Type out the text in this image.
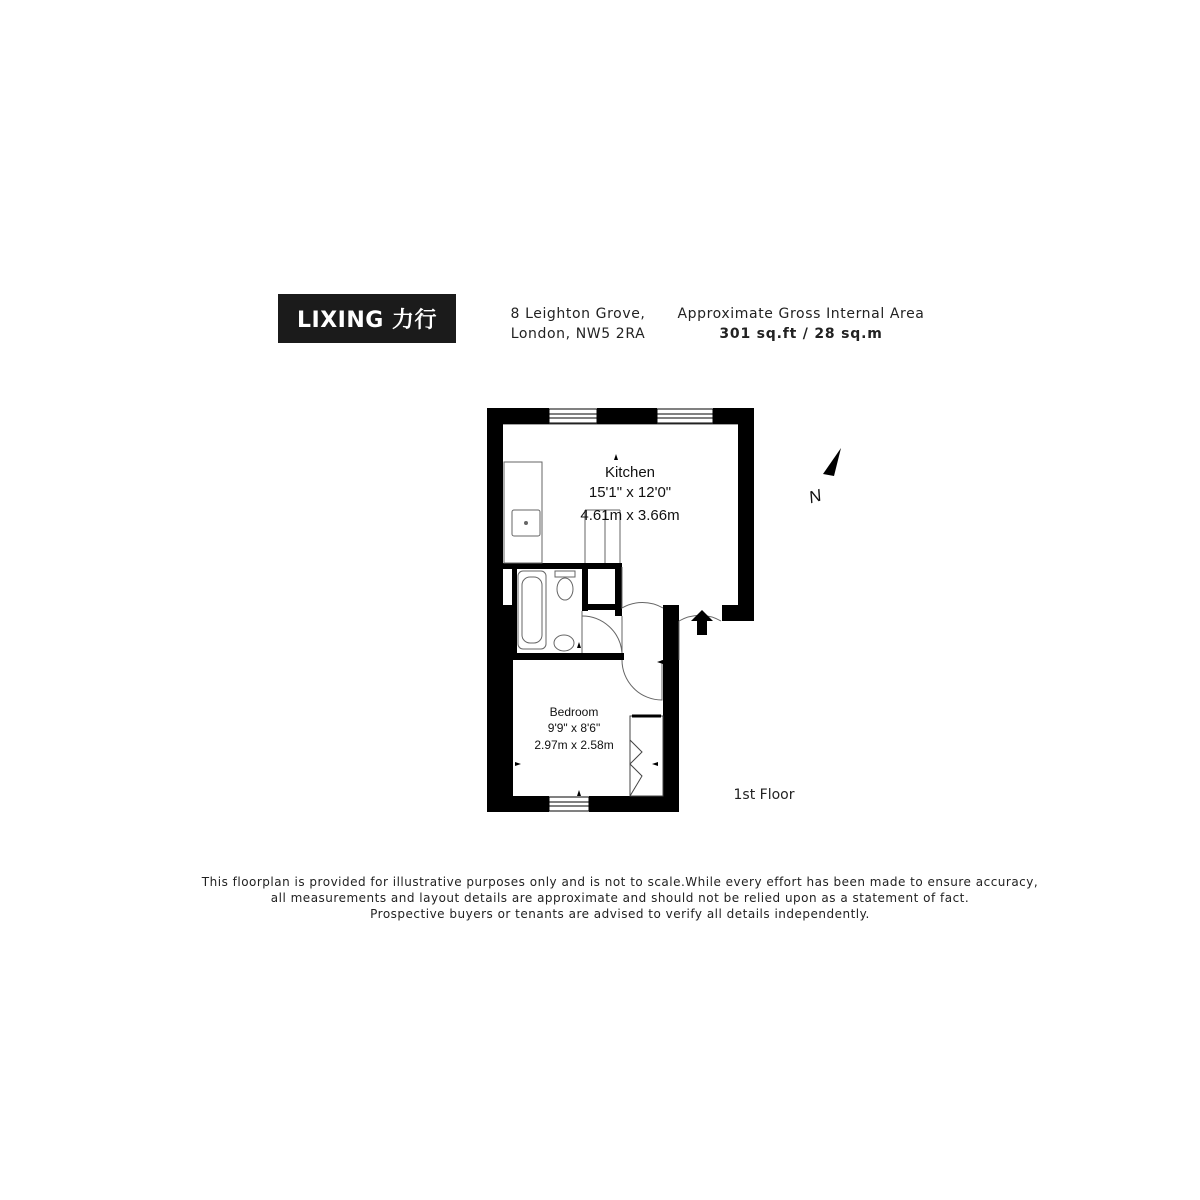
LIXING 力行	8 Leighton Grove,
London, NW5 2RA
Approximate Gross Internal Area
301 sq.ft / 28 sq.m
Kitchen
15'1" x 12'0"
4.61m x 3.66m
Bedroom
9'9" x 8'6"
2.97m x 2.58m
1st Floor
N
This floorplan is provided for illustrative purposes only and is not to scale.While every effort has been made to ensure accuracy,
all measurements and layout details are approximate and should not be relied upon as a statement of fact.
Prospective buyers or tenants are advised to verify all details independently.
